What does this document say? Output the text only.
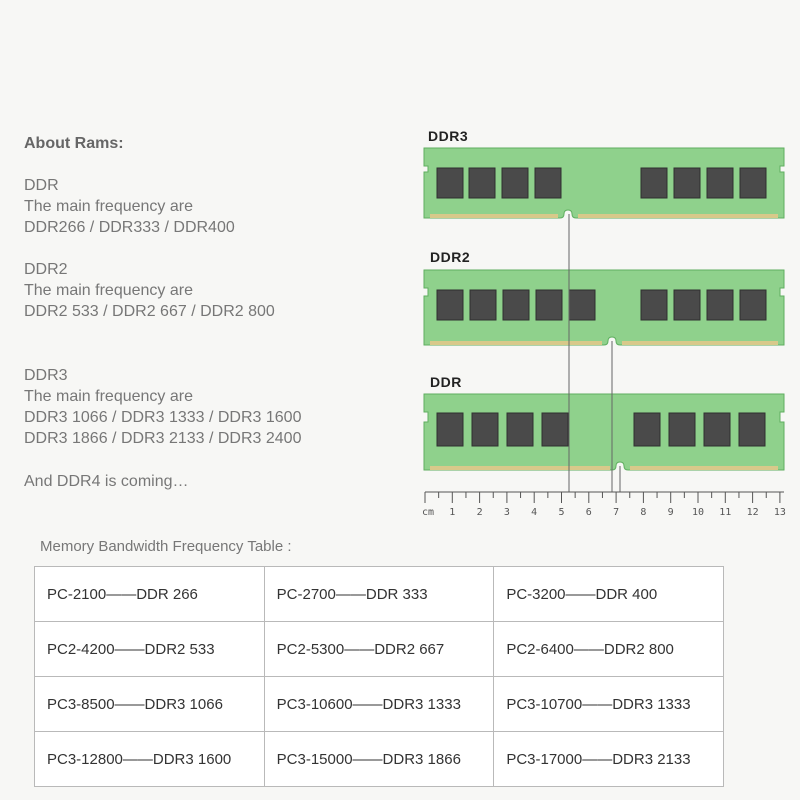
About Rams:

DDR
The main frequency are
DDR266 / DDR333 / DDR400
DDR2
The main frequency are
DDR2 533 / DDR2 667 / DDR2 800
DDR3
The main frequency are
DDR3 1066 / DDR3 1333 / DDR3 1600
DDR3 1866 / DDR3 2133 / DDR3 2400

And DDR4 is coming…

DDR3
DDR2
DDR
cm	1	2	3	4	5	6	7	8	9	10	11	12	13
Memory Bandwidth Frequency Table :
PC-2100——DDR 266	PC-2700——DDR 333	PC-3200——DDR 400
PC2-4200——DDR2 533	PC2-5300——DDR2 667	PC2-6400——DDR2 800
PC3-8500——DDR3 1066	PC3-10600——DDR3 1333	PC3-10700——DDR3 1333
PC3-12800——DDR3 1600	PC3-15000——DDR3 1866	PC3-17000——DDR3 2133
